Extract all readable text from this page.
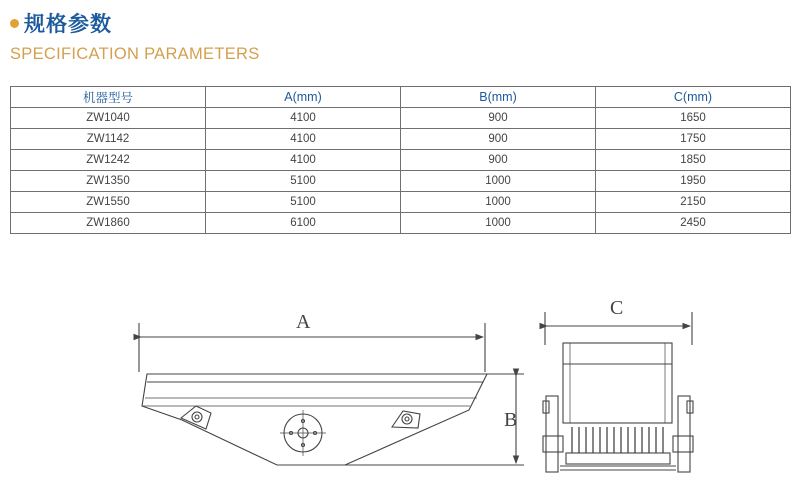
规格参数
SPECIFICATION PARAMETERS
机器型号	A(mm)	B(mm)	C(mm)
ZW1040	4100	900	1650
ZW1142	4100	900	1750
ZW1242	4100	900	1850
ZW1350	5100	1000	1950
ZW1550	5100	1000	2150
ZW1860	6100	1000	2450
A
B
C
